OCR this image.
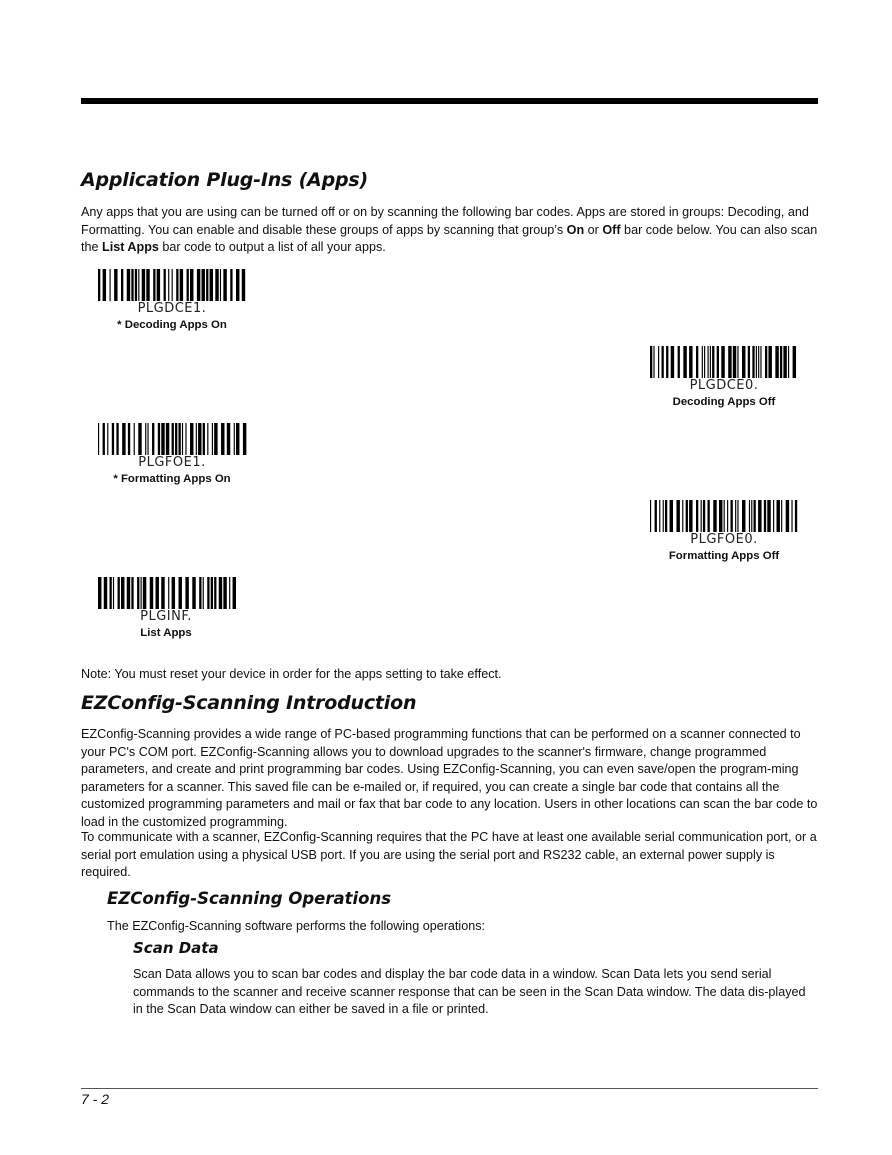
Application Plug-Ins (Apps)

Any apps that you are using can be turned off or on by scanning the following bar codes. Apps are stored in groups: Decoding, and Formatting. You can enable and disable these groups of apps by scanning that group’s On or Off bar code below. You can also scan the List Apps bar code to output a list of all your apps.

PLGDCE1.
* Decoding Apps On
PLGDCE0.
Decoding Apps Off
PLGFOE1.
* Formatting Apps On
PLGFOE0.
Formatting Apps Off
PLGINF.
List Apps

Note: You must reset your device in order for the apps setting to take effect.

EZConfig-Scanning Introduction

EZConfig-Scanning provides a wide range of PC-based programming functions that can be performed on a scanner connected to your PC's COM port. EZConfig-Scanning allows you to download upgrades to the scanner's firmware, change programmed parameters, and create and print programming bar codes. Using EZConfig-Scanning, you can even save/open the program-ming parameters for a scanner. This saved file can be e-mailed or, if required, you can create a single bar code that contains all the customized programming parameters and mail or fax that bar code to any location. Users in other locations can scan the bar code to load in the customized programming.

To communicate with a scanner, EZConfig-Scanning requires that the PC have at least one available serial communication port, or a serial port emulation using a physical USB port. If you are using the serial port and RS232 cable, an external power supply is required.

EZConfig-Scanning Operations

The EZConfig-Scanning software performs the following operations:

Scan Data

Scan Data allows you to scan bar codes and display the bar code data in a window. Scan Data lets you send serial commands to the scanner and receive scanner response that can be seen in the Scan Data window. The data dis-played in the Scan Data window can either be saved in a file or printed.

7 - 2
